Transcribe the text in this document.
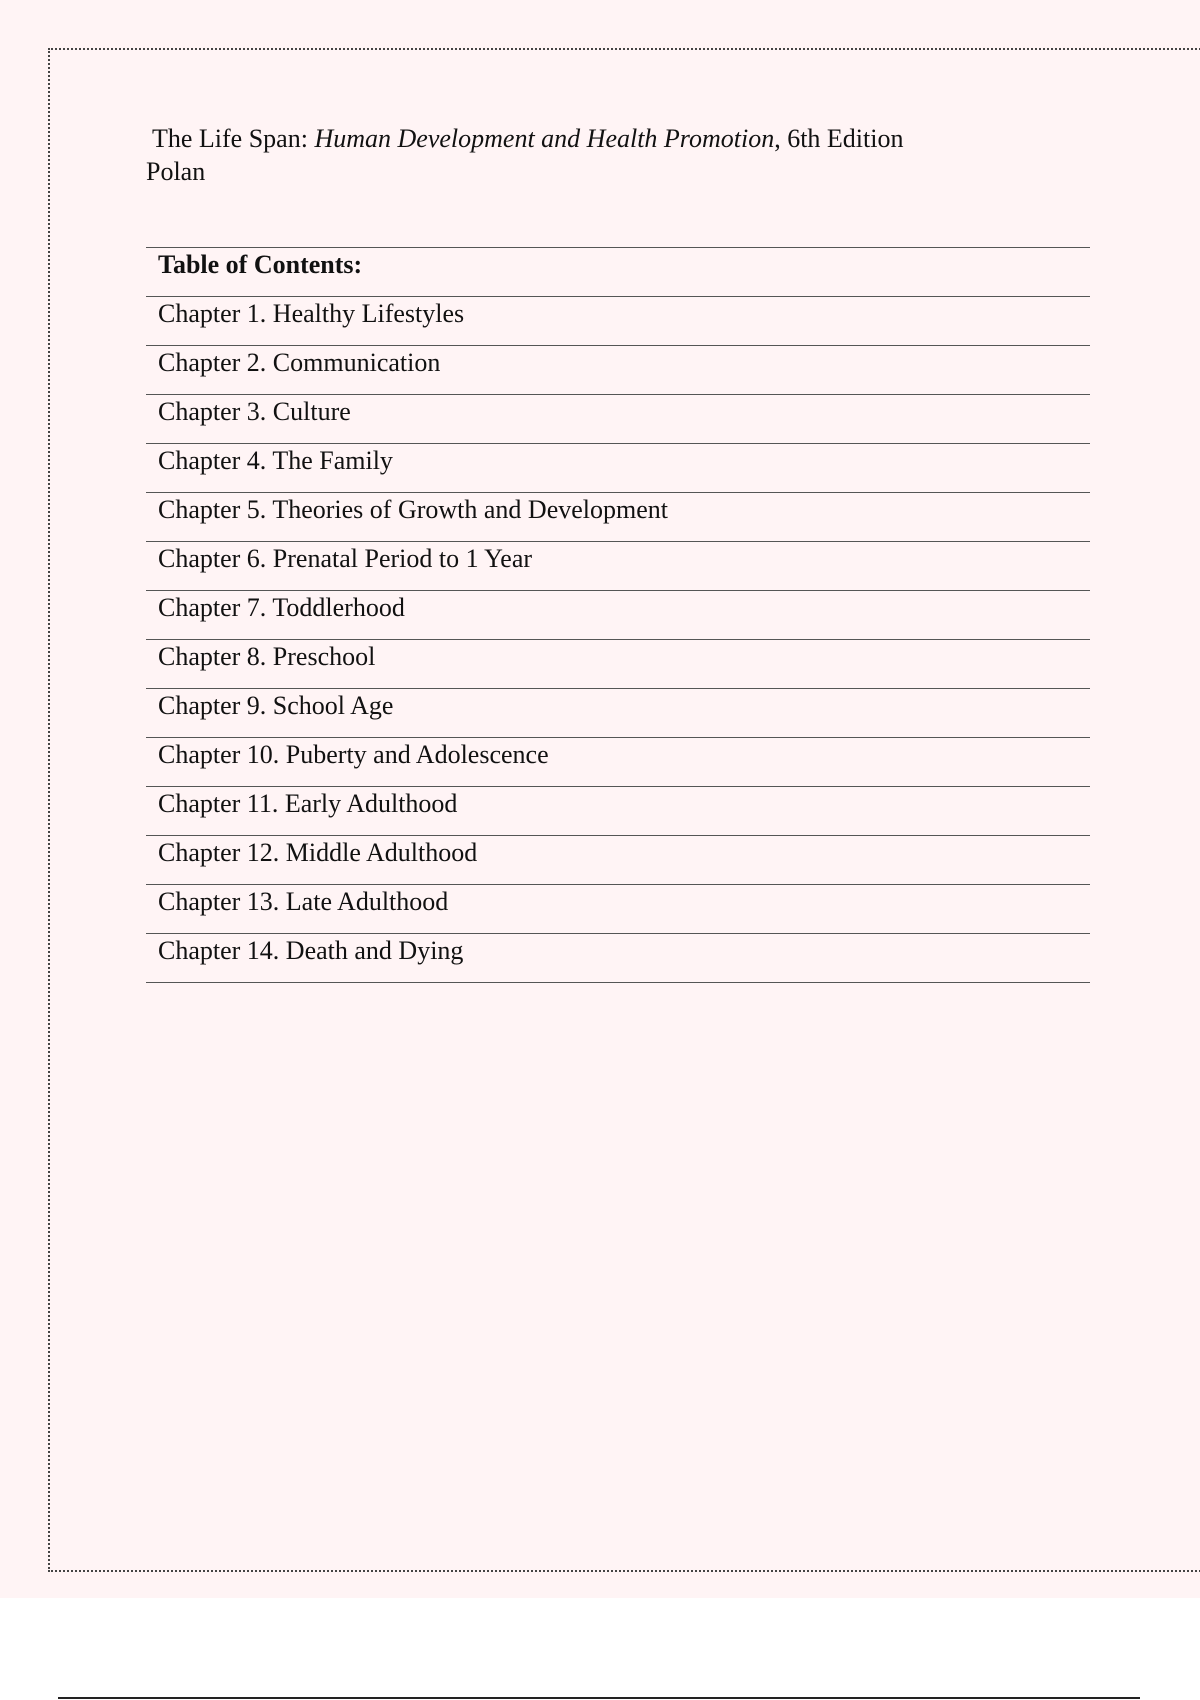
The Life Span: Human Development and Health Promotion, 6th Edition
Polan
Table of Contents:
Chapter 1. Healthy Lifestyles
Chapter 2. Communication
Chapter 3. Culture
Chapter 4. The Family
Chapter 5. Theories of Growth and Development
Chapter 6. Prenatal Period to 1 Year
Chapter 7. Toddlerhood
Chapter 8. Preschool
Chapter 9. School Age
Chapter 10. Puberty and Adolescence
Chapter 11. Early Adulthood
Chapter 12. Middle Adulthood
Chapter 13. Late Adulthood
Chapter 14. Death and Dying
